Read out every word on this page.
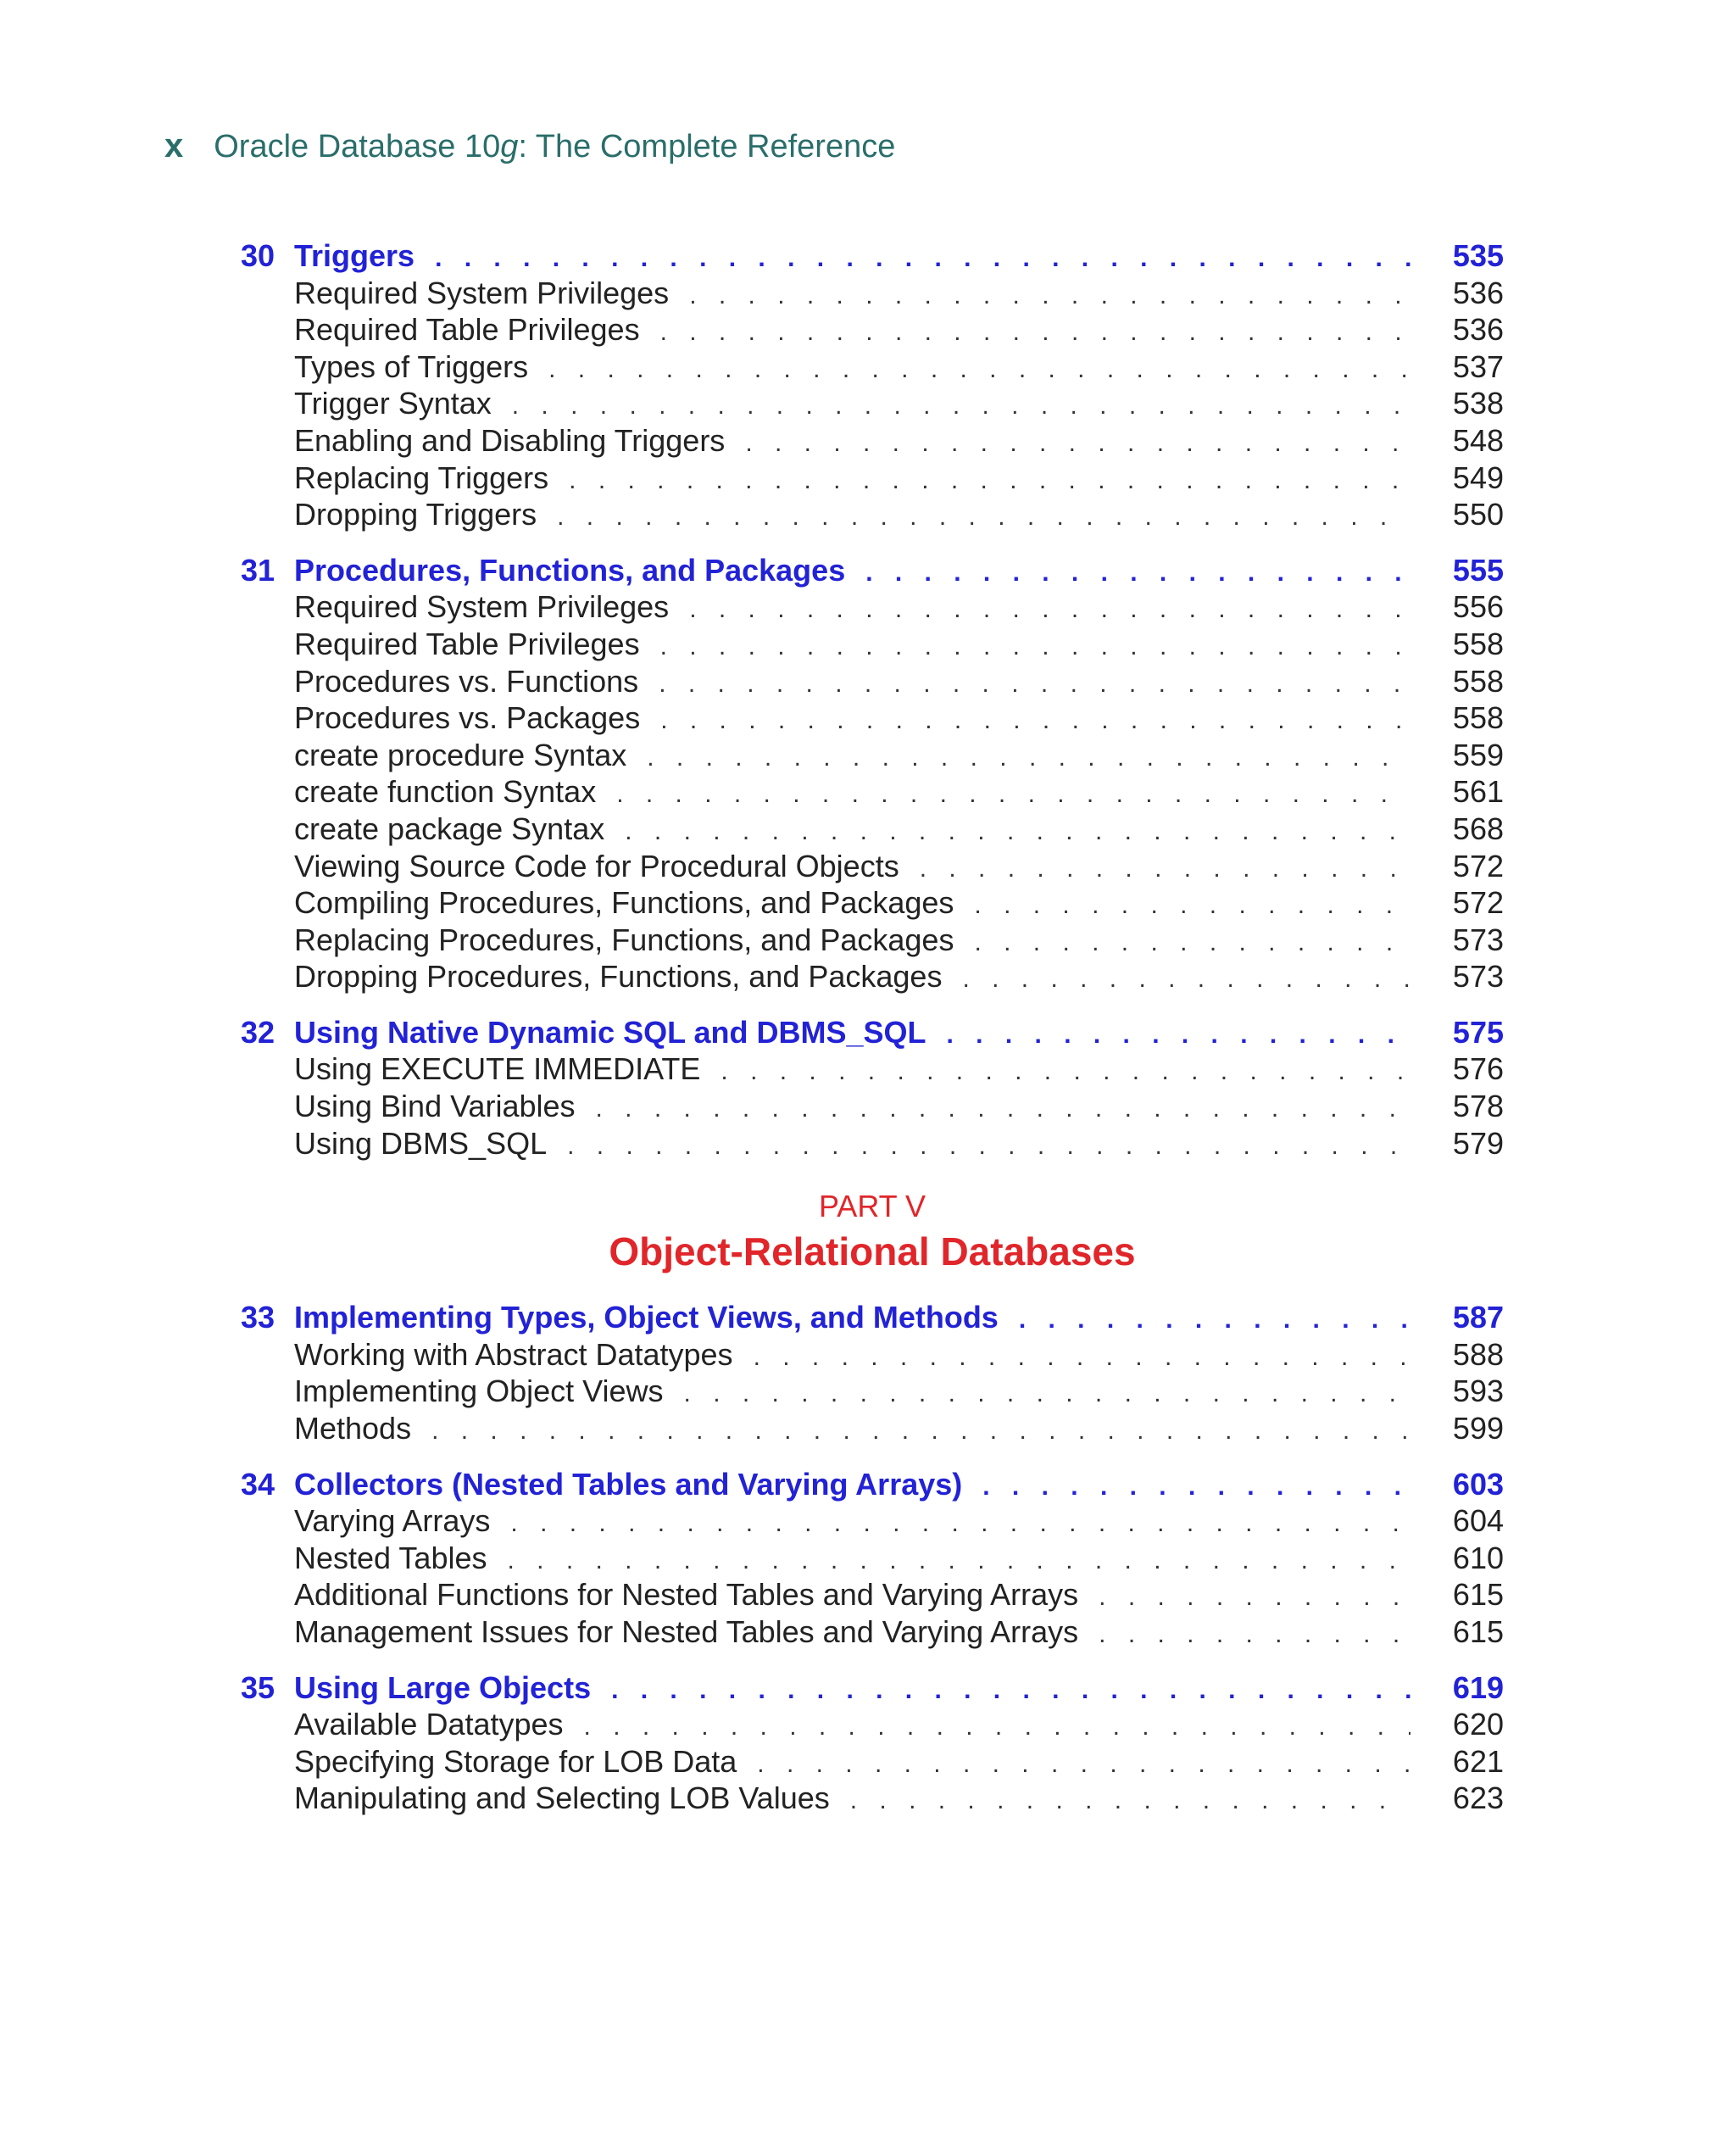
x Oracle Database 10g: The Complete Reference
30 Triggers . . .	535
Required System Privileges . . .	536
Required Table Privileges . . .	536
Types of Triggers . . .	537
Trigger Syntax . . .	538
Enabling and Disabling Triggers . . .	548
Replacing Triggers . . .	549
Dropping Triggers . . .	550
31 Procedures, Functions, and Packages . . .	555
Required System Privileges . . .	556
Required Table Privileges . . .	558
Procedures vs. Functions . . .	558
Procedures vs. Packages . . .	558
create procedure Syntax . . .	559
create function Syntax . . .	561
create package Syntax . . .	568
Viewing Source Code for Procedural Objects . . .	572
Compiling Procedures, Functions, and Packages . . .	572
Replacing Procedures, Functions, and Packages . . .	573
Dropping Procedures, Functions, and Packages . . .	573
32 Using Native Dynamic SQL and DBMS_SQL . . .	575
Using EXECUTE IMMEDIATE . . .	576
Using Bind Variables . . .	578
Using DBMS_SQL . . .	579
PART V
Object-Relational Databases
33 Implementing Types, Object Views, and Methods . . .	587
Working with Abstract Datatypes . . .	588
Implementing Object Views . . .	593
Methods . . .	599
34 Collectors (Nested Tables and Varying Arrays) . . .	603
Varying Arrays . . .	604
Nested Tables . . .	610
Additional Functions for Nested Tables and Varying Arrays . . .	615
Management Issues for Nested Tables and Varying Arrays . . .	615
35 Using Large Objects . . .	619
Available Datatypes . . .	620
Specifying Storage for LOB Data . . .	621
Manipulating and Selecting LOB Values . . .	623
